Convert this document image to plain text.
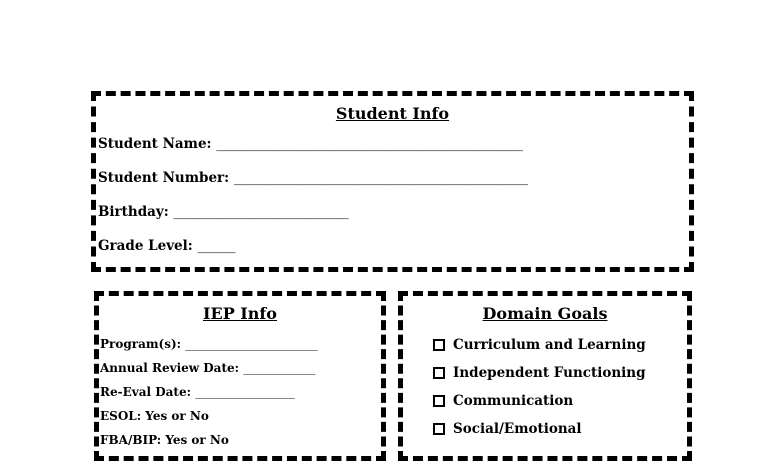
Student Info
Student Name: _________________________________________________
Student Number: _______________________________________________
Birthday: ____________________________
Grade Level: ______
IEP Info
Program(s): ________________________
Annual Review Date: _____________
Re-Eval Date: __________________
ESOL: Yes or No
FBA/BIP: Yes or No
Domain Goals
Curriculum and Learning
Independent Functioning
Communication
Social/Emotional
